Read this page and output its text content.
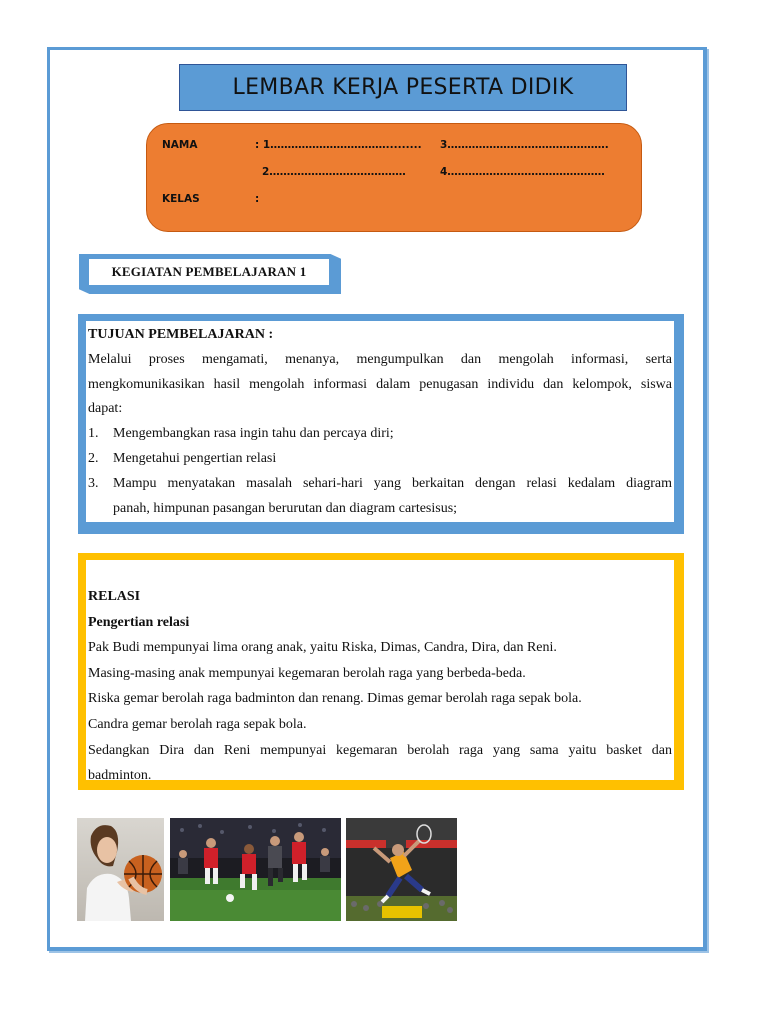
LEMBAR KERJA PESERTA DIDIK
NAMA	: 1……………………………......... 3……………………………………….
2…………………………………	4………………………………………
KELAS	:
KEGIATAN PEMBELAJARAN 1
TUJUAN PEMBELAJARAN :
Melalui proses mengamati, menanya, mengumpulkan dan mengolah informasi, serta
mengkomunikasikan hasil mengolah informasi dalam penugasan individu dan kelompok, siswa
dapat:
1. Mengembangkan rasa ingin tahu dan percaya diri;
2. Mengetahui pengertian relasi
3. Mampu menyatakan masalah sehari-hari yang berkaitan dengan relasi kedalam diagram
panah, himpunan pasangan berurutan dan diagram cartesisus;
RELASI
Pengertian relasi
Pak Budi mempunyai lima orang anak, yaitu Riska, Dimas, Candra, Dira, dan Reni.
Masing-masing anak mempunyai kegemaran berolah raga yang berbeda-beda.
Riska gemar berolah raga badminton dan renang. Dimas gemar berolah raga sepak bola.
Candra gemar berolah raga sepak bola.
Sedangkan Dira dan Reni mempunyai kegemaran berolah raga yang sama yaitu basket dan
badminton.
